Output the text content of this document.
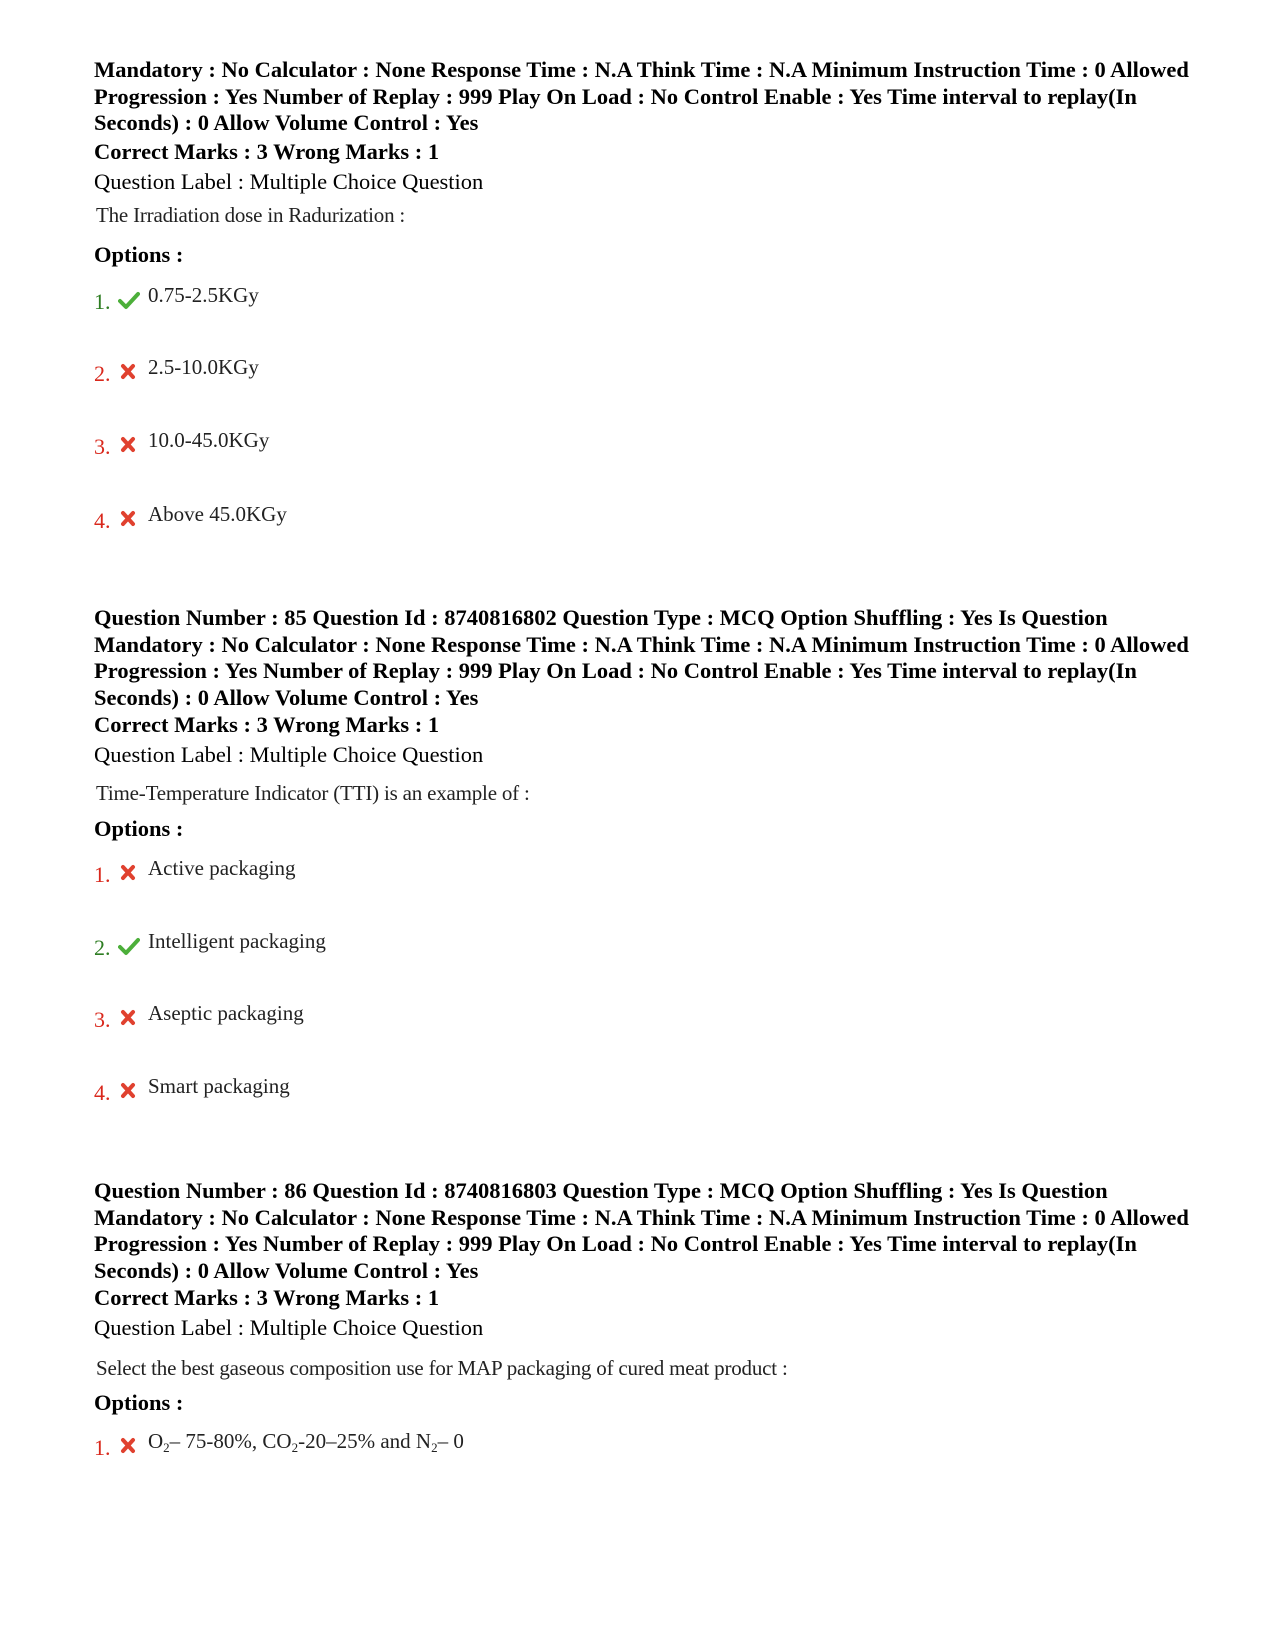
Mandatory : No Calculator : None Response Time : N.A Think Time : N.A Minimum Instruction Time : 0 Allowed Progression : Yes Number of Replay : 999 Play On Load : No Control Enable : Yes Time interval to replay(In Seconds) : 0 Allow Volume Control : Yes
Correct Marks : 3 Wrong Marks : 1
Question Label : Multiple Choice Question
The Irradiation dose in Radurization :
Options :
1. 0.75-2.5KGy
2. 2.5-10.0KGy
3. 10.0-45.0KGy
4. Above 45.0KGy
Question Number : 85 Question Id : 8740816802 Question Type : MCQ Option Shuffling : Yes Is Question Mandatory : No Calculator : None Response Time : N.A Think Time : N.A Minimum Instruction Time : 0 Allowed Progression : Yes Number of Replay : 999 Play On Load : No Control Enable : Yes Time interval to replay(In Seconds) : 0 Allow Volume Control : Yes
Correct Marks : 3 Wrong Marks : 1
Question Label : Multiple Choice Question
Time-Temperature Indicator (TTI) is an example of :
Options :
1. Active packaging
2. Intelligent packaging
3. Aseptic packaging
4. Smart packaging
Question Number : 86 Question Id : 8740816803 Question Type : MCQ Option Shuffling : Yes Is Question Mandatory : No Calculator : None Response Time : N.A Think Time : N.A Minimum Instruction Time : 0 Allowed Progression : Yes Number of Replay : 999 Play On Load : No Control Enable : Yes Time interval to replay(In Seconds) : 0 Allow Volume Control : Yes
Correct Marks : 3 Wrong Marks : 1
Question Label : Multiple Choice Question
Select the best gaseous composition use for MAP packaging of cured meat product :
Options :
1. $O_2-$ 75-80%, $CO_2-20-25\%$ and $N_2-$ 0
